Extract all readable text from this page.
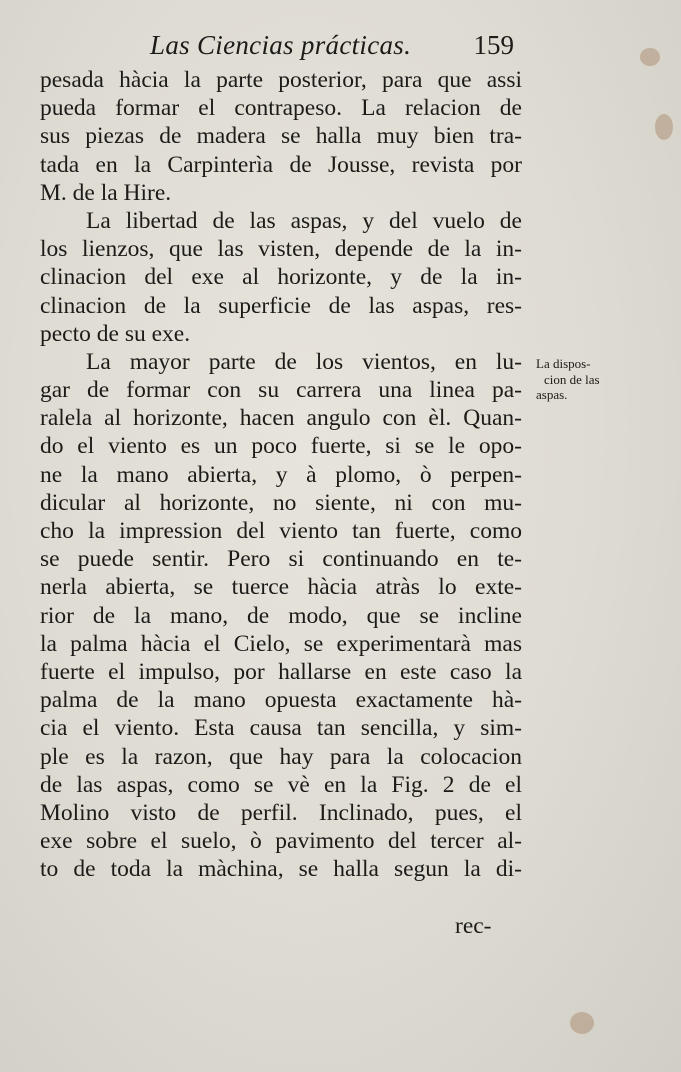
Las Ciencias prácticas. 159
pesada hàcia la parte posterior, para que assi
pueda formar el contrapeso. La relacion de
sus piezas de madera se halla muy bien tra-
tada en la Carpinterìa de Jousse, revista por
M. de la Hire.
La libertad de las aspas, y del vuelo de
los lienzos, que las visten, depende de la in-
clinacion del exe al horizonte, y de la in-
clinacion de la superficie de las aspas, res-
pecto de su exe.
La mayor parte de los vientos, en lu-
gar de formar con su carrera una linea pa-
ralela al horizonte, hacen angulo con èl. Quan-
do el viento es un poco fuerte, si se le opo-
ne la mano abierta, y à plomo, ò perpen-
dicular al horizonte, no siente, ni con mu-
cho la impression del viento tan fuerte, como
se puede sentir. Pero si continuando en te-
nerla abierta, se tuerce hàcia atràs lo exte-
rior de la mano, de modo, que se incline
la palma hàcia el Cielo, se experimentarà mas
fuerte el impulso, por hallarse en este caso la
palma de la mano opuesta exactamente hà-
cia el viento. Esta causa tan sencilla, y sim-
ple es la razon, que hay para la colocacion
de las aspas, como se vè en la Fig. 2 de el
Molino visto de perfil. Inclinado, pues, el
exe sobre el suelo, ò pavimento del tercer al-
to de toda la màchina, se halla segun la di-
rec-
La dispos-
cion de las
aspas.
